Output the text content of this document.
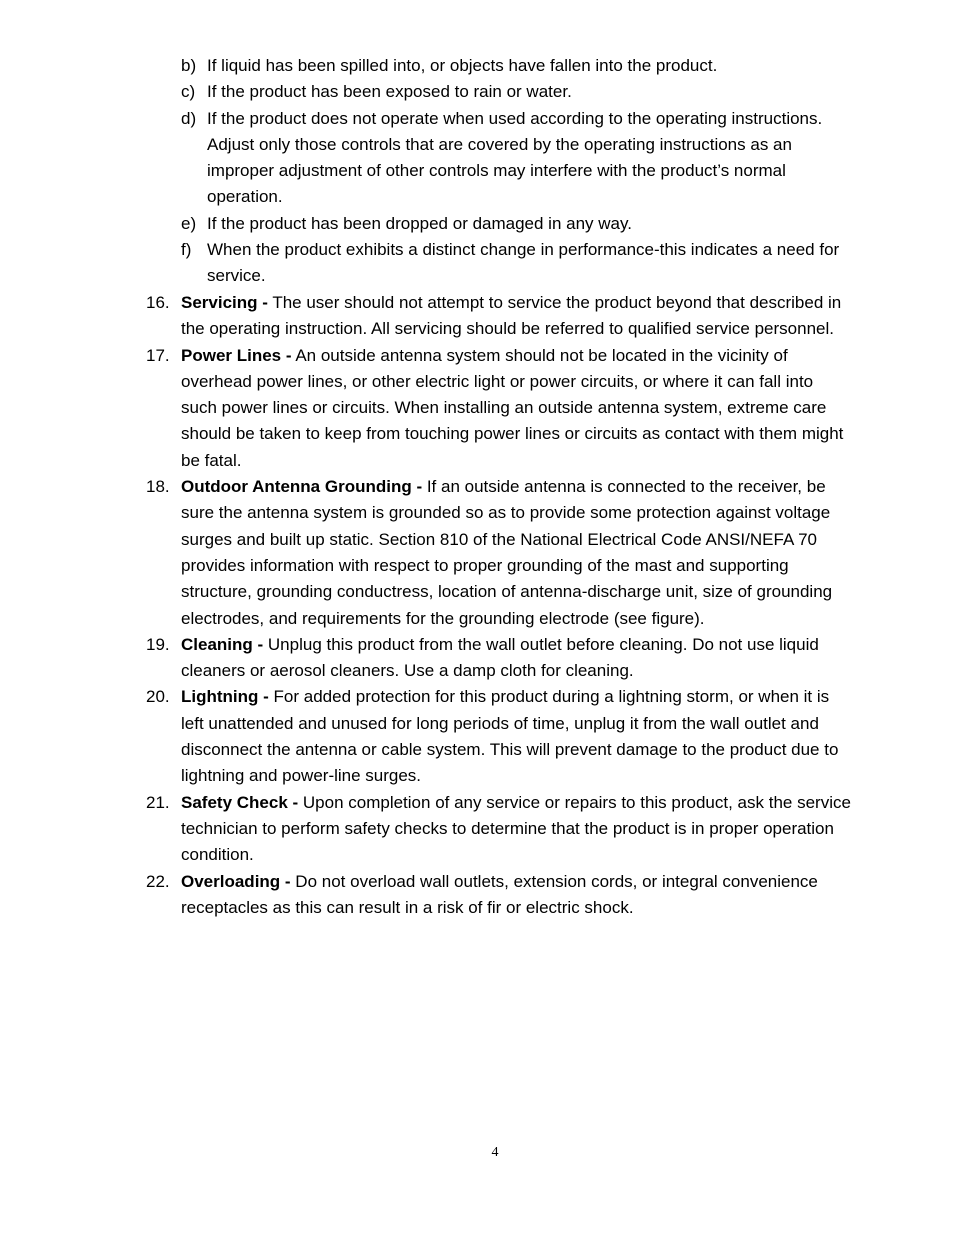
b) If liquid has been spilled into, or objects have fallen into the product.
c) If the product has been exposed to rain or water.
d) If the product does not operate when used according to the operating instructions. Adjust only those controls that are covered by the operating instructions as an improper adjustment of other controls may interfere with the product’s normal operation.
e) If the product has been dropped or damaged in any way.
f) When the product exhibits a distinct change in performance-this indicates a need for service.
16. Servicing - The user should not attempt to service the product beyond that described in the operating instruction. All servicing should be referred to qualified service personnel.
17. Power Lines - An outside antenna system should not be located in the vicinity of overhead power lines, or other electric light or power circuits, or where it can fall into such power lines or circuits. When installing an outside antenna system, extreme care should be taken to keep from touching power lines or circuits as contact with them might be fatal.
18. Outdoor Antenna Grounding - If an outside antenna is connected to the receiver, be sure the antenna system is grounded so as to provide some protection against voltage surges and built up static. Section 810 of the National Electrical Code ANSI/NEFA 70 provides information with respect to proper grounding of the mast and supporting structure, grounding conductress, location of antenna-discharge unit, size of grounding electrodes, and requirements for the grounding electrode (see figure).
19. Cleaning - Unplug this product from the wall outlet before cleaning. Do not use liquid cleaners or aerosol cleaners. Use a damp cloth for cleaning.
20. Lightning - For added protection for this product during a lightning storm, or when it is left unattended and unused for long periods of time, unplug it from the wall outlet and disconnect the antenna or cable system. This will prevent damage to the product due to lightning and power-line surges.
21. Safety Check - Upon completion of any service or repairs to this product, ask the service technician to perform safety checks to determine that the product is in proper operation condition.
22. Overloading - Do not overload wall outlets, extension cords, or integral convenience receptacles as this can result in a risk of fir or electric shock.
4
